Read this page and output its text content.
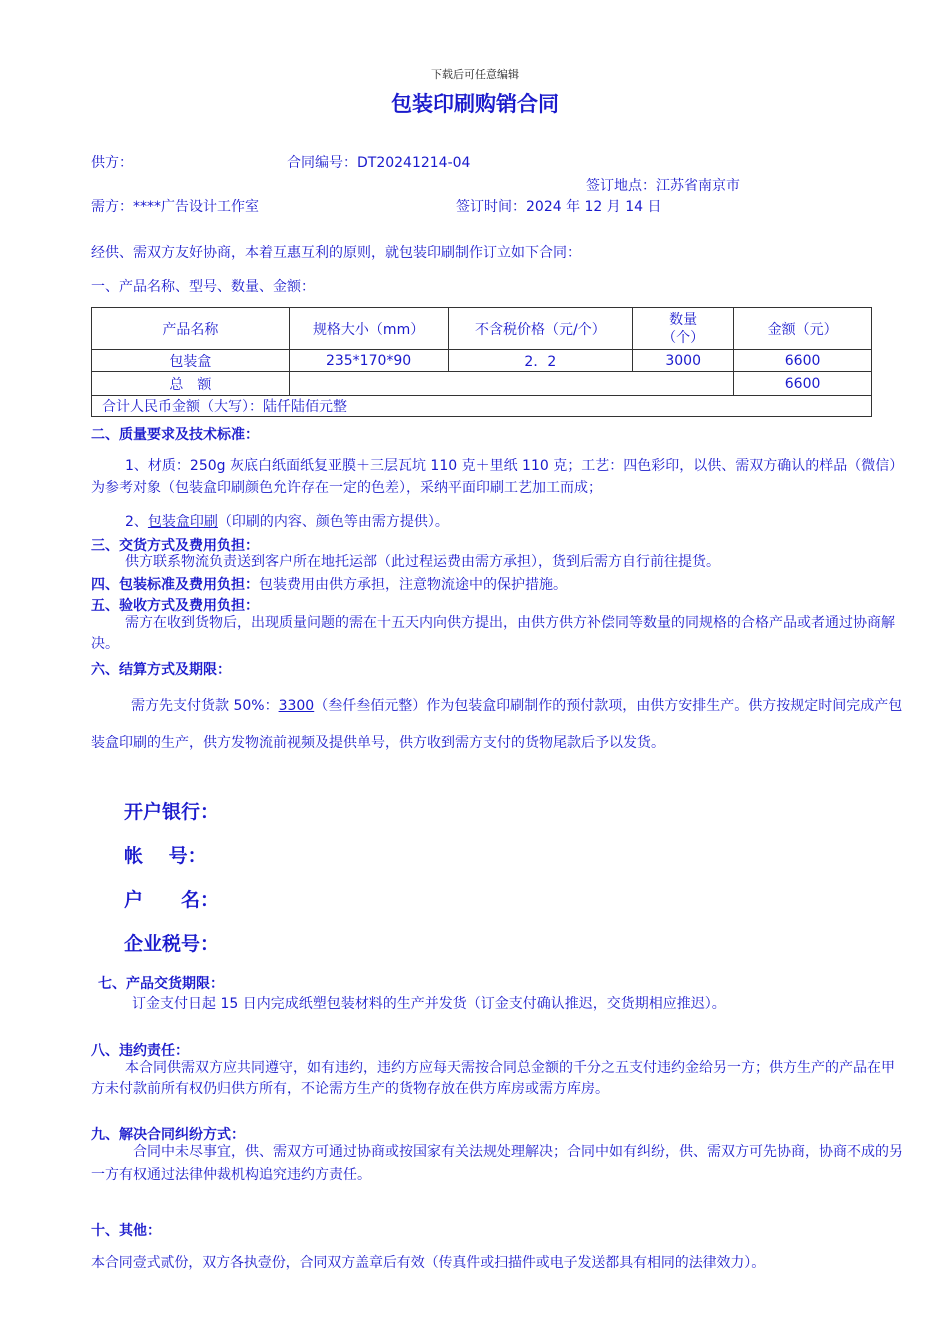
下载后可任意编辑
包装印刷购销合同
供方：	合同编号：DT20241214-04
签订地点：江苏省南京市
需方：****广告设计工作室	签订时间：2024 年 12 月 14 日
经供、需双方友好协商，本着互惠互利的原则，就包装印刷制作订立如下合同：
一、产品名称、型号、数量、金额：
产品名称	规格大小（mm）	不含税价格（元/个）	数量（个）	金额（元）
包装盒	235*170*90	2．2	3000	6600
总　额				6600
合计人民币金额（大写）：陆仟陆佰元整				
二、质量要求及技术标准：
1、材质：250g 灰底白纸面纸复亚膜＋三层瓦坑 110 克＋里纸 110 克；工艺：四色彩印，以供、需双方确认的样品（微信）为参考对象（包装盒印刷颜色允许存在一定的色差），采纳平面印刷工艺加工而成；
2、包装盒印刷（印刷的内容、颜色等由需方提供）。
三、交货方式及费用负担：
供方联系物流负责送到客户所在地托运部（此过程运费由需方承担），货到后需方自行前往提货。
四、包装标准及费用负担：包装费用由供方承担，注意物流途中的保护措施。
五、验收方式及费用负担：
需方在收到货物后，出现质量问题的需在十五天内向供方提出，由供方供方补偿同等数量的同规格的合格产品或者通过协商解决。
六、结算方式及期限：
需方先支付货款 50%：3300（叁仟叁佰元整）作为包装盒印刷制作的预付款项，由供方安排生产。供方按规定时间完成产包装盒印刷的生产，供方发物流前视频及提供单号，供方收到需方支付的货物尾款后予以发货。
开户银行：
帐　 号：
户　　名：
企业税号：
七、产品交货期限：
订金支付日起 15 日内完成纸塑包装材料的生产并发货（订金支付确认推迟，交货期相应推迟）。
八、违约责任：
本合同供需双方应共同遵守，如有违约，违约方应每天需按合同总金额的千分之五支付违约金给另一方；供方生产的产品在甲方未付款前所有权仍归供方所有，不论需方生产的货物存放在供方库房或需方库房。
九、解决合同纠纷方式：
合同中未尽事宜，供、需双方可通过协商或按国家有关法规处理解决；合同中如有纠纷，供、需双方可先协商，协商不成的另一方有权通过法律仲裁机构追究违约方责任。
十、其他：
本合同壹式贰份，双方各执壹份，合同双方盖章后有效（传真件或扫描件或电子发送都具有相同的法律效力）。
